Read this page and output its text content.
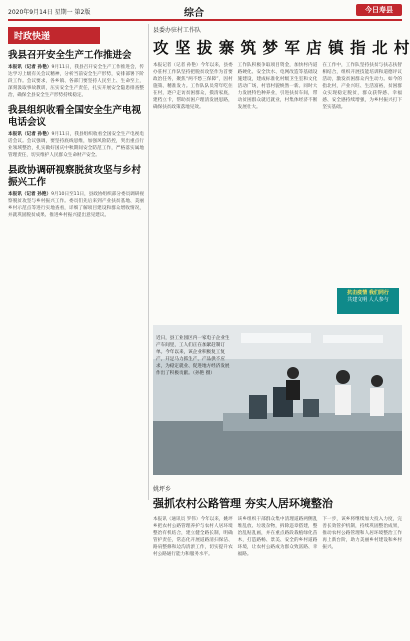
2020年9月14日 星期一 第2版	综合	今日寿县
时政快递
我县召开安全生产工作推进会

本报讯（记者 孙艳）9月11日，我县召开安全生产工作推进会，传达学习上级有关会议精神，分析当前安全生产形势，安排部署下阶段工作。会议要求，各乡镇、各部门要坚持人民至上、生命至上，深刻汲取事故教训，压实安全生产责任，扎实开展安全隐患排查整治，确保全县安全生产形势持续稳定。

我县组织收看全国安全生产电视电话会议

本报讯（记者 孙艳）9月11日，我县组织收看全国安全生产电视电话会议。会议强调，要坚持底线思维，加强风险防控，突出重点行业领域整治，扎实做好国庆中秋期间安全防范工作，严格落实属地管理责任，切实维护人民群众生命财产安全。

县政协调研视察脱贫攻坚与乡村振兴工作

本报讯（记者 孙艳）9月10日至11日，县政协组织部分委员调研视察脱贫攻坚与乡村振兴工作。委员们先后来到产业扶贫基地、美丽乡村示范点等进行实地查看，详细了解项目建设和群众增收情况，并就巩固脱贫成果、推进乡村振兴提出意见建议。

县委办驻村工作队
攻 坚 拔 寨 筑 梦 军 店 镇 指 北 村

本报记者（记者 孙艳）今年以来，县委办驻村工作队坚持把脱贫攻坚作为首要政治任务，聚焦“两不愁三保障”，因村施策、精准发力。工作队队员常年吃住在村，逐户走访贫困群众，摸清家底，建档立卡，帮助贫困户理清发展思路，确保扶贫政策落地见效。

工作队积极争取项目资金，加快村内道路硬化、安全饮水、电网改造等基础设施建设，建成标准化村级卫生室和文化活动广场，村容村貌焕然一新。同时大力发展特色种养业，引进扶贫车间，带动贫困群众就近就业，村集体经济不断发展壮大。

在工作中，工作队坚持扶贫与扶志扶智相结合，组织开展技能培训和道德评议活动，激发贫困群众内生动力。如今的指北村，产业兴旺、生活富裕，贫困群众实现稳定脱贫，群众获得感、幸福感、安全感持续增强，为乡村振兴打下坚实基础。

抗击疫情 我们同行
共建文明 人人参与
近日，县工业园区内一家电子企业生产车间里，工人们正在加紧赶制订单。今年以来，该企业积极复工复产，开足马力抓生产，产品供不应求，为稳定就业、促进地方经济发展作出了积极贡献。（孙艳 摄）
姚坪乡
强抓农村公路管理 夯实人居环境整治

本报讯（通讯员 罗伟）今年以来，姚坪乡把农村公路管理养护与农村人居环境整治有机结合，建立健全路长制，明确管护责任，常态化开展道路清扫保洁、路肩整修和边沟清淤工作，切实提升农村公路通行能力和服务水平。

该乡组织干部群众集中清理道路两侧乱堆乱放、垃圾杂物，拆除违章搭建，整治乱贴乱画，并在重点路段栽植绿化苗木，打造路畅、景美、安全的乡村道路环境，让农村公路成为群众致富路、幸福路。

下一步，该乡将继续加大投入力度，完善长效管护机制，持续巩固整治成果，推动农村公路管理和人居环境整治工作再上新台阶，助力美丽乡村建设和乡村振兴。
